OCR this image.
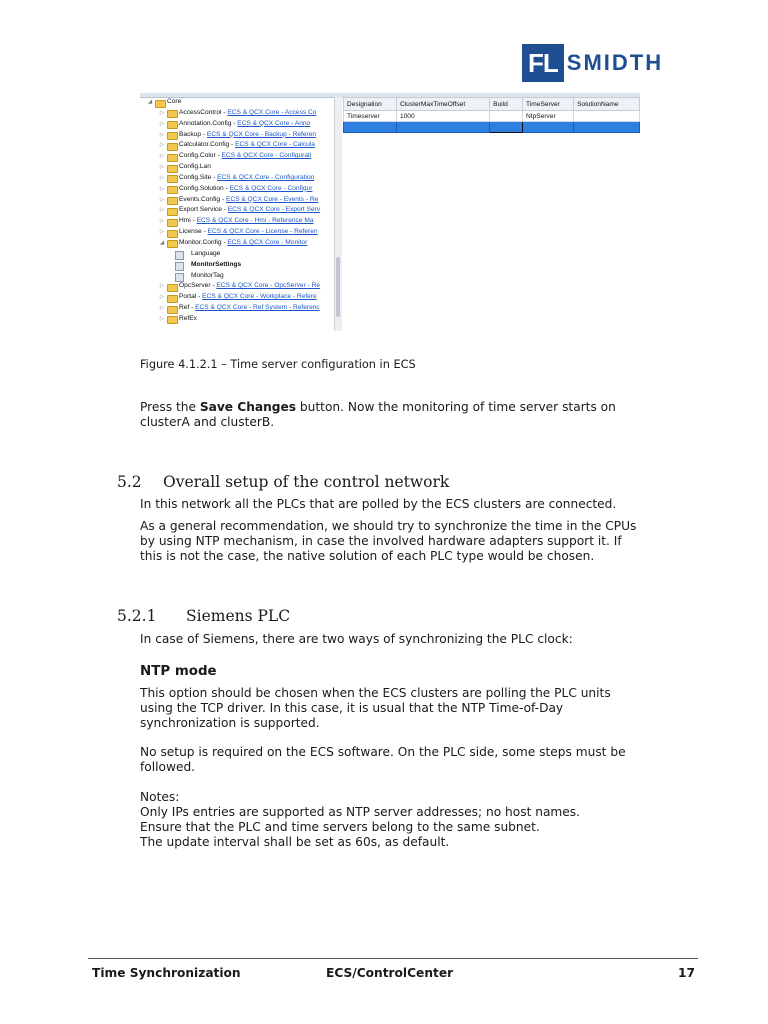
FL SMIDTH
◢ Core
▷ AccessControl - ECS & QCX Core - Access Co
▷ Annotation.Config - ECS & QCX Core - Anno
▷ Backup - ECS & QCX Core - Backup - Referen
▷ Calculator.Config - ECS & QCX Core - Calcula
▷ Config.Color - ECS & QCX Core - Configurati
▷ Config.Lan
▷ Config.Site - ECS & QCX Core - Configuration
▷ Config.Solution - ECS & QCX Core - Configur
▷ Events.Config - ECS & QCX Core - Events - Re
▷ Export Service - ECS & QCX Core - Export Serv
▷ Hmi - ECS & QCX Core - Hmi - Reference Ma
▷ License - ECS & QCX Core - License - Referen
◢ Monitor.Config - ECS & QCX Core - Monitor
Language
MonitorSettings
MonitorTag
▷ OpcServer - ECS & QCX Core - OpcServer - Re
▷ Portal - ECS & QCX Core - Workplace - Refere
▷ Ref - ECS & QCX Core - Ref System - Referenc
▷ RefEx
Designation	ClusterMaxTimeOffset	Build	TimeServer	SolutionName
Timeserver	1000		NtpServer	

Figure 4.1.2.1 – Time server configuration in ECS
Press the Save Changes button. Now the monitoring of time server starts on
clusterA and clusterB.
5.2 Overall setup of the control network
In this network all the PLCs that are polled by the ECS clusters are connected.
As a general recommendation, we should try to synchronize the time in the CPUs
by using NTP mechanism, in case the involved hardware adapters support it. If
this is not the case, the native solution of each PLC type would be chosen.
5.2.1 Siemens PLC
In case of Siemens, there are two ways of synchronizing the PLC clock:
NTP mode
This option should be chosen when the ECS clusters are polling the PLC units
using the TCP driver. In this case, it is usual that the NTP Time-of-Day
synchronization is supported.
No setup is required on the ECS software. On the PLC side, some steps must be
followed.
Notes:
Only IPs entries are supported as NTP server addresses; no host names.
Ensure that the PLC and time servers belong to the same subnet.
The update interval shall be set as 60s, as default.
Time Synchronization	ECS/ControlCenter	17
